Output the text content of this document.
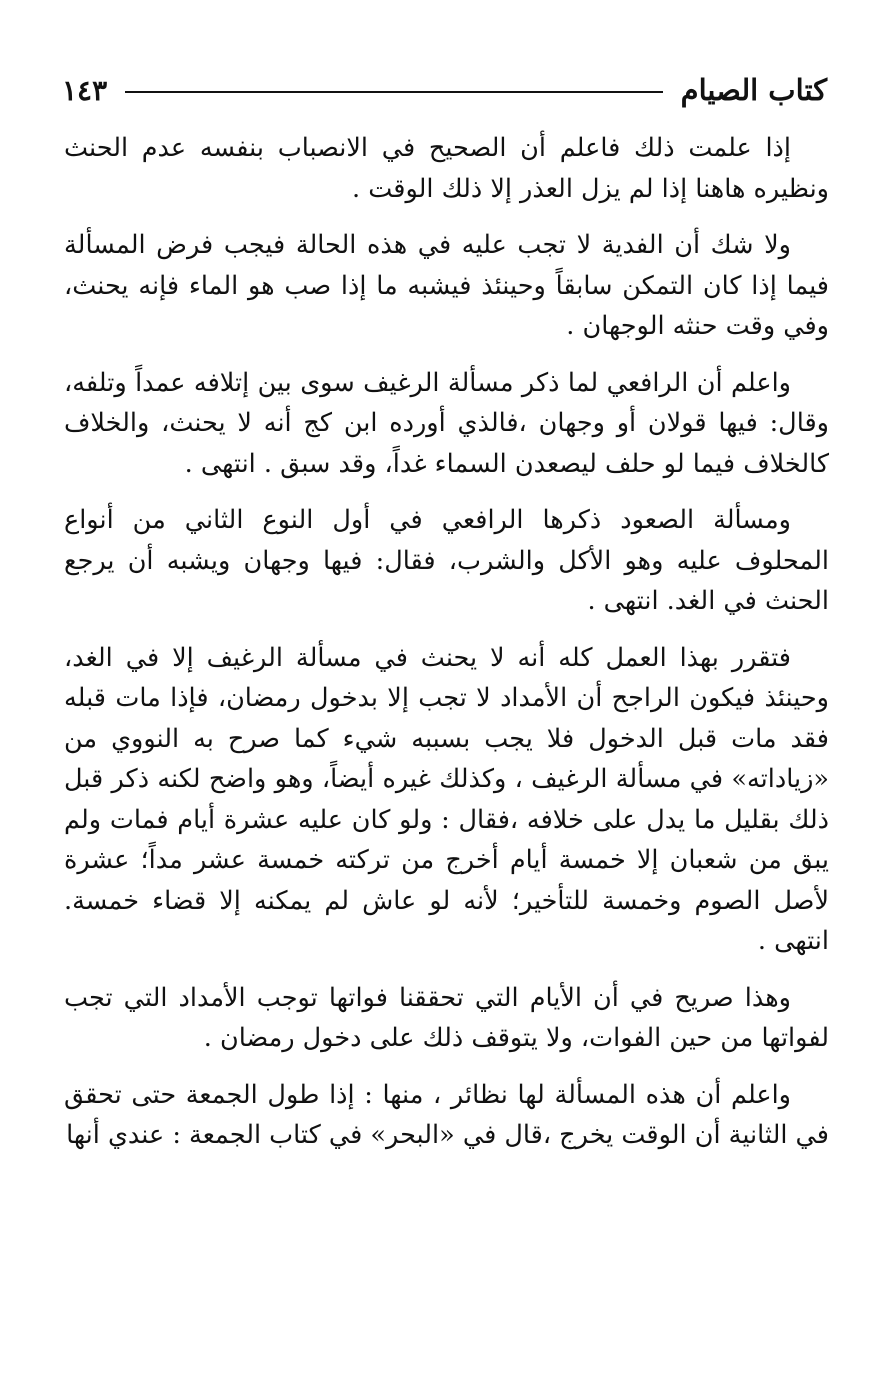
كتاب الصيام
١٤٣

إذا علمت ذلك فاعلم أن الصحيح في الانصباب بنفسه عدم الحنث ونظيره هاهنا إذا لم يزل العذر إلا ذلك الوقت .

ولا شك أن الفدية لا تجب عليه في هذه الحالة فيجب فرض المسألة فيما إذا كان التمكن سابقاً وحينئذ فيشبه ما إذا صب هو الماء فإنه يحنث، وفي وقت حنثه الوجهان .

واعلم أن الرافعي لما ذكر مسألة الرغيف سوى بين إتلافه عمداً وتلفه، وقال: فيها قولان أو وجهان ،فالذي أورده ابن كج أنه لا يحنث، والخلاف كالخلاف فيما لو حلف ليصعدن السماء غداً، وقد سبق . انتهى .

ومسألة الصعود ذكرها الرافعي في أول النوع الثاني من أنواع المحلوف عليه وهو الأكل والشرب، فقال: فيها وجهان ويشبه أن يرجع الحنث في الغد. انتهى .

فتقرر بهذا العمل كله أنه لا يحنث في مسألة الرغيف إلا في الغد، وحينئذ فيكون الراجح أن الأمداد لا تجب إلا بدخول رمضان، فإذا مات قبله فقد مات قبل الدخول فلا يجب بسببه شيء كما صرح به النووي من «زياداته» في مسألة الرغيف ، وكذلك غيره أيضاً، وهو واضح لكنه ذكر قبل ذلك بقليل ما يدل على خلافه ،فقال : ولو كان عليه عشرة أيام فمات ولم يبق من شعبان إلا خمسة أيام أخرج من تركته خمسة عشر مداً؛ عشرة لأصل الصوم وخمسة للتأخير؛ لأنه لو عاش لم يمكنه إلا قضاء خمسة. انتهى .

وهذا صريح في أن الأيام التي تحققنا فواتها توجب الأمداد التي تجب لفواتها من حين الفوات، ولا يتوقف ذلك على دخول رمضان .

واعلم أن هذه المسألة لها نظائر ، منها : إذا طول الجمعة حتى تحقق في الثانية أن الوقت يخرج ،قال في «البحر» في كتاب الجمعة : عندي أنها
